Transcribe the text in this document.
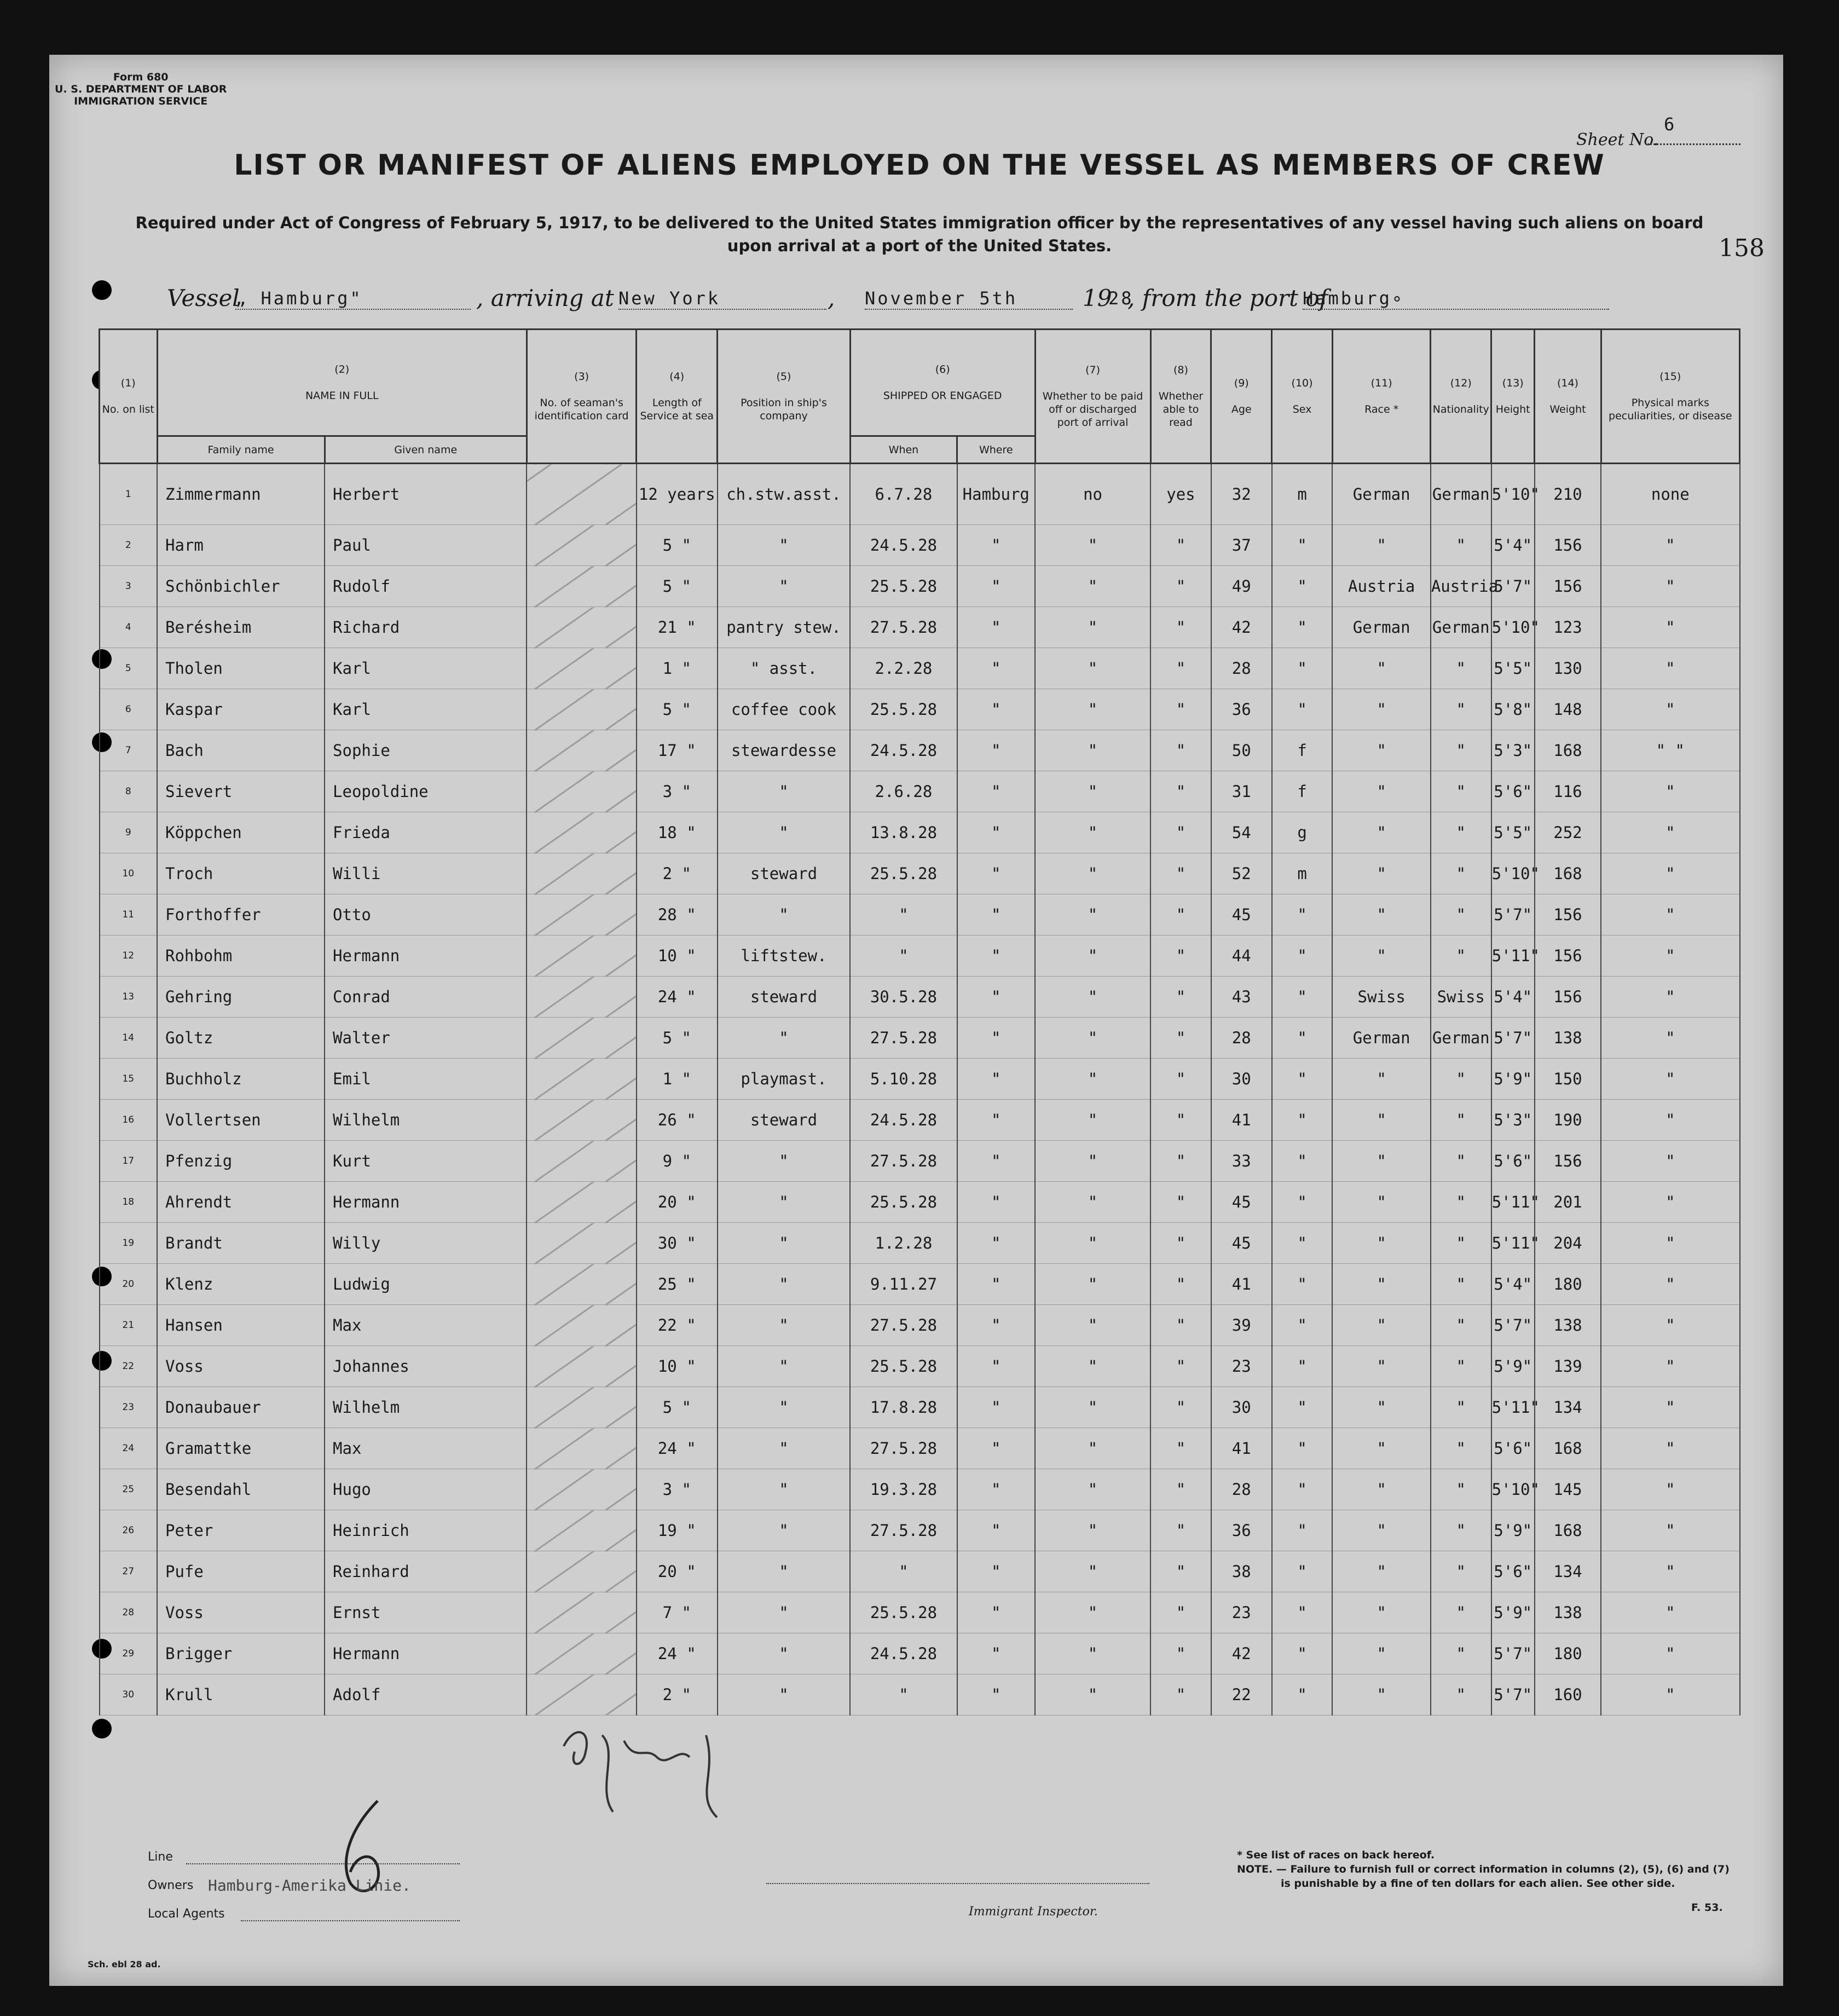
Form 680
U. S. DEPARTMENT OF LABOR
IMMIGRATION SERVICE
Sheet No.
6
LIST OR MANIFEST OF ALIENS EMPLOYED ON THE VESSEL AS MEMBERS OF CREW
Required under Act of Congress of February 5, 1917, to be delivered to the United States immigration officer by the representatives of any vessel having such aliens on board
upon arrival at a port of the United States.	158
Vessel
„ Hamburg"	, arriving at New York	, November 5th	19
28
, from the port of
Hamburg∘
(1)

No. on list	(2)

NAME IN FULL		(3)

No. of seaman's identification card	(4)

Length of Service at sea	(5)

Position in ship's company	(6)

SHIPPED OR ENGAGED		(7)

Whether to be paid off or discharged port of arrival	(8)

Whether able to read	(9)

Age	(10)

Sex	(11)

Race *	(12)

Nationality	(13)

Height	(14)

Weight	(15)

Physical marks peculiarities, or disease
	Family name	Given name				When	Where									
1	Zimmermann	Herbert		12 years	ch.stw.asst.	6.7.28	Hamburg	no	yes	32	m	German	German	5'10"	210	none
2	Harm	Paul		5 "	"	24.5.28	"	"	"	37	"	"	"	5'4"	156	"
3	Schönbichler	Rudolf		5 "	"	25.5.28	"	"	"	49	"	Austria	Austria	5'7"	156	"
4	Berésheim	Richard		21 "	pantry stew.	27.5.28	"	"	"	42	"	German	German	5'10"	123	"
5	Tholen	Karl		1 "	" asst.	2.2.28	"	"	"	28	"	"	"	5'5"	130	"
6	Kaspar	Karl		5 "	coffee cook	25.5.28	"	"	"	36	"	"	"	5'8"	148	"
7	Bach	Sophie		17 "	stewardesse	24.5.28	"	"	"	50	f	"	"	5'3"	168	" "
8	Sievert	Leopoldine		3 "	"	2.6.28	"	"	"	31	f	"	"	5'6"	116	"
9	Köppchen	Frieda		18 "	"	13.8.28	"	"	"	54	g	"	"	5'5"	252	"
10	Troch	Willi		2 "	steward	25.5.28	"	"	"	52	m	"	"	5'10"	168	"
11	Forthoffer	Otto		28 "	"	"	"	"	"	45	"	"	"	5'7"	156	"
12	Rohbohm	Hermann		10 "	liftstew.	"	"	"	"	44	"	"	"	5'11"	156	"
13	Gehring	Conrad		24 "	steward	30.5.28	"	"	"	43	"	Swiss	Swiss	5'4"	156	"
14	Goltz	Walter		5 "	"	27.5.28	"	"	"	28	"	German	German	5'7"	138	"
15	Buchholz	Emil		1 "	playmast.	5.10.28	"	"	"	30	"	"	"	5'9"	150	"
16	Vollertsen	Wilhelm		26 "	steward	24.5.28	"	"	"	41	"	"	"	5'3"	190	"
17	Pfenzig	Kurt		9 "	"	27.5.28	"	"	"	33	"	"	"	5'6"	156	"
18	Ahrendt	Hermann		20 "	"	25.5.28	"	"	"	45	"	"	"	5'11"	201	"
19	Brandt	Willy		30 "	"	1.2.28	"	"	"	45	"	"	"	5'11"	204	"
20	Klenz	Ludwig		25 "	"	9.11.27	"	"	"	41	"	"	"	5'4"	180	"
21	Hansen	Max		22 "	"	27.5.28	"	"	"	39	"	"	"	5'7"	138	"
22	Voss	Johannes		10 "	"	25.5.28	"	"	"	23	"	"	"	5'9"	139	"
23	Donaubauer	Wilhelm		5 "	"	17.8.28	"	"	"	30	"	"	"	5'11"	134	"
24	Gramattke	Max		24 "	"	27.5.28	"	"	"	41	"	"	"	5'6"	168	"
25	Besendahl	Hugo		3 "	"	19.3.28	"	"	"	28	"	"	"	5'10"	145	"
26	Peter	Heinrich		19 "	"	27.5.28	"	"	"	36	"	"	"	5'9"	168	"
27	Pufe	Reinhard		20 "	"	"	"	"	"	38	"	"	"	5'6"	134	"
28	Voss	Ernst		7 "	"	25.5.28	"	"	"	23	"	"	"	5'9"	138	"
29	Brigger	Hermann		24 "	"	24.5.28	"	"	"	42	"	"	"	5'7"	180	"
30	Krull	Adolf		2 "	"	"	"	"	"	22	"	"	"	5'7"	160	"
Line
Owners Hamburg-Amerika Linie.
Local Agents	Immigrant Inspector.
* See list of races on back hereof.
NOTE. — Failure to furnish full or correct information in columns (2), (5), (6) and (7)
is punishable by a fine of ten dollars for each alien. See other side.
F. 53.
Sch. ebl 28 ad.
